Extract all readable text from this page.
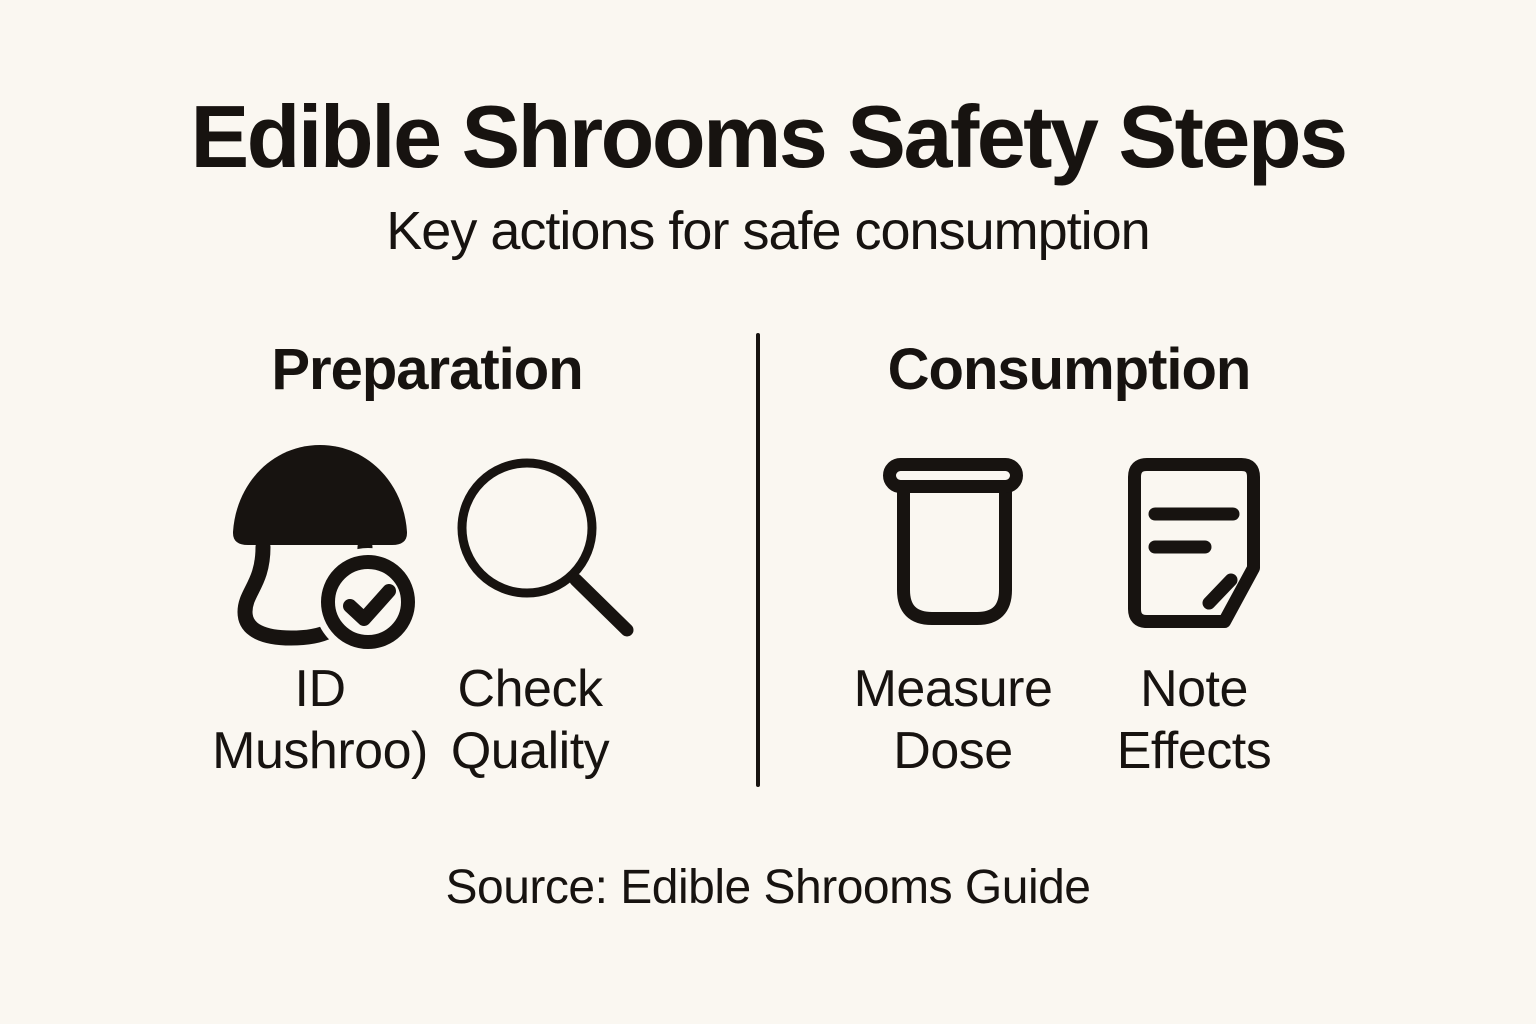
Edible Shrooms Safety Steps
Key actions for safe consumption
Preparation	Consumption
ID
Mushroo)
Check
Quality
Measure
Dose
Note
Effects
Source: Edible Shrooms Guide
